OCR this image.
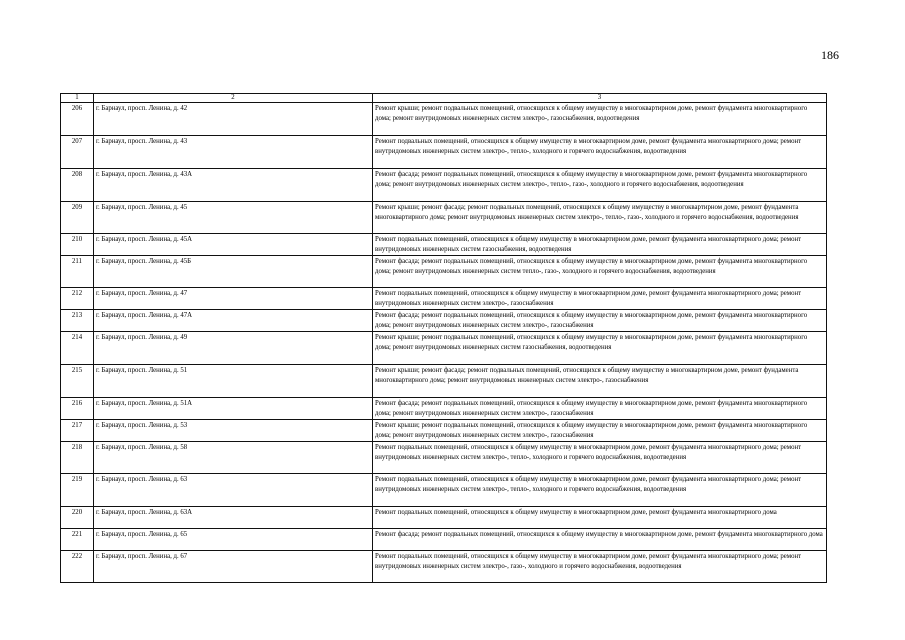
186
1	2	3
206	г. Барнаул, просп. Ленина, д. 42	Ремонт крыши; ремонт подвальных помещений, относящихся к общему имуществу в многоквартирном доме, ремонт фундамента многоквартирного дома; ремонт внутридомовых инженерных систем электро-, газоснабжения, водоотведения
207	г. Барнаул, просп. Ленина, д. 43	Ремонт подвальных помещений, относящихся к общему имуществу в многоквартирном доме, ремонт фундамента многоквартирного дома; ремонт внутридомовых инженерных систем электро-, тепло-, холодного и горячего водоснабжения, водоотведения
208	г. Барнаул, просп. Ленина, д. 43А	Ремонт фасада; ремонт подвальных помещений, относящихся к общему имуществу в многоквартирном доме, ремонт фундамента многоквартирного дома; ремонт внутридомовых инженерных систем электро-, тепло-, газо-, холодного и горячего водоснабжения, водоотведения
209	г. Барнаул, просп. Ленина, д. 45	Ремонт крыши; ремонт фасада; ремонт подвальных помещений, относящихся к общему имуществу в многоквартирном доме, ремонт фундамента многоквартирного дома; ремонт внутридомовых инженерных систем электро-, тепло-, газо-, холодного и горячего водоснабжения, водоотведения
210	г. Барнаул, просп. Ленина, д. 45А	Ремонт подвальных помещений, относящихся к общему имуществу в многоквартирном доме, ремонт фундамента многоквартирного дома; ремонт внутридомовых инженерных систем газоснабжения, водоотведения
211	г. Барнаул, просп. Ленина, д. 45Б	Ремонт фасада; ремонт подвальных помещений, относящихся к общему имуществу в многоквартирном доме, ремонт фундамента многоквартирного дома; ремонт внутридомовых инженерных систем тепло-, газо-, холодного и горячего водоснабжения, водоотведения
212	г. Барнаул, просп. Ленина, д. 47	Ремонт подвальных помещений, относящихся к общему имуществу в многоквартирном доме, ремонт фундамента многоквартирного дома; ремонт внутридомовых инженерных систем электро-, газоснабжения
213	г. Барнаул, просп. Ленина, д. 47А	Ремонт фасада; ремонт подвальных помещений, относящихся к общему имуществу в многоквартирном доме, ремонт фундамента многоквартирного дома; ремонт внутридомовых инженерных систем электро-, газоснабжения
214	г. Барнаул, просп. Ленина, д. 49	Ремонт крыши; ремонт подвальных помещений, относящихся к общему имуществу в многоквартирном доме, ремонт фундамента многоквартирного дома; ремонт внутридомовых инженерных систем газоснабжения, водоотведения
215	г. Барнаул, просп. Ленина, д. 51	Ремонт крыши; ремонт фасада; ремонт подвальных помещений, относящихся к общему имуществу в многоквартирном доме, ремонт фундамента многоквартирного дома; ремонт внутридомовых инженерных систем электро-, газоснабжения
216	г. Барнаул, просп. Ленина, д. 51А	Ремонт фасада; ремонт подвальных помещений, относящихся к общему имуществу в многоквартирном доме, ремонт фундамента многоквартирного дома; ремонт внутридомовых инженерных систем электро-, газоснабжения
217	г. Барнаул, просп. Ленина, д. 53	Ремонт крыши; ремонт подвальных помещений, относящихся к общему имуществу в многоквартирном доме, ремонт фундамента многоквартирного дома; ремонт внутридомовых инженерных систем электро-, газоснабжения
218	г. Барнаул, просп. Ленина, д. 58	Ремонт подвальных помещений, относящихся к общему имуществу в многоквартирном доме, ремонт фундамента многоквартирного дома; ремонт внутридомовых инженерных систем электро-, тепло-, холодного и горячего водоснабжения, водоотведения
219	г. Барнаул, просп. Ленина, д. 63	Ремонт подвальных помещений, относящихся к общему имуществу в многоквартирном доме, ремонт фундамента многоквартирного дома; ремонт внутридомовых инженерных систем электро-, тепло-, холодного и горячего водоснабжения, водоотведения
220	г. Барнаул, просп. Ленина, д. 63А	Ремонт подвальных помещений, относящихся к общему имуществу в многоквартирном доме, ремонт фундамента многоквартирного дома
221	г. Барнаул, просп. Ленина, д. 65	Ремонт фасада; ремонт подвальных помещений, относящихся к общему имуществу в многоквартирном доме, ремонт фундамента многоквартирного дома
222	г. Барнаул, просп. Ленина, д. 67	Ремонт подвальных помещений, относящихся к общему имуществу в многоквартирном доме, ремонт фундамента многоквартирного дома; ремонт внутридомовых инженерных систем электро-, газо-, холодного и горячего водоснабжения, водоотведения
